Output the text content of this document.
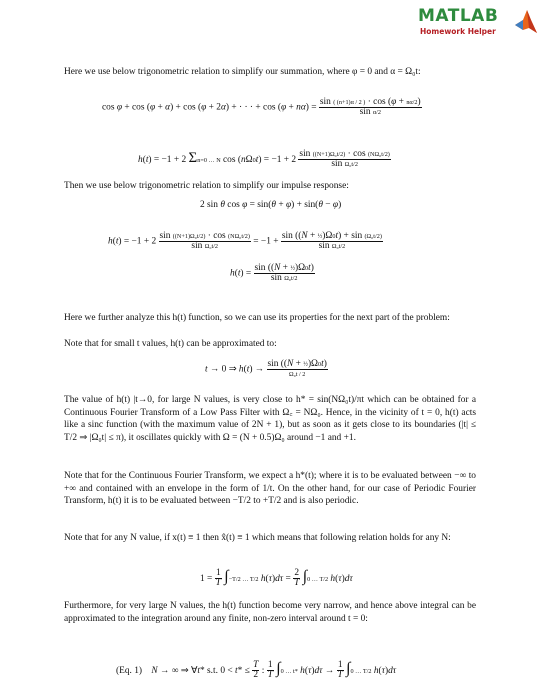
MATLAB
Homework Helper
Here we use below trigonometric relation to simplify our summation, where φ = 0 and α = Ω₀t:
cos φ + cos (φ + α) + cos (φ + 2α) + · · · + $\cos (\varphi + n\alpha) = \frac{\sin ( (n+1)\alpha / 2 ) \cdot \cos (\varphi + n\alpha/2)}{\text{sin α/2}}$
h(t) = −1 + 2 Σn=0 … N $\cos (n\Omega 0t) = -1 + 2 \frac{\text{sin ((N+1)Ω₀t/2) · cos (NΩ₀t/2)}}{\text{sin Ω₀t/2}}$
Then we use below trigonometric relation to simplify our impulse response:
2 sin θ cos φ = sin(θ + φ) + sin(θ − φ)
$h(t) = -1 + 2 \frac{\text{sin ((N+1)Ω₀t/2) · cos (NΩ₀t/2)}}{\text{sin Ω₀t/2}} = -1 + \frac{\text{sin ((N + ½)Ω0t) + sin (Ω₀t/2)}}{\text{sin Ω₀t/2}}$
$h(t) = \frac{\text{sin ((N + ½)Ω0t)}}{\text{sin Ω₀t/2}}$
Here we further analyze this h(t) function, so we can use its properties for the next part of the problem:
Note that for small t values, h(t) can be approximated to:
t → 0 ⇒ $h(t) \to \frac{\text{sin ((N + ½)Ω0t)}}{\text{Ω₀t / 2}}$
The value of h(t) |t→0, for large N values, is very close to h* = sin(NΩ₀t)/πt which can be obtained for a Continuous Fourier Transform of a Low Pass Filter with Ω꜀ = NΩ₀. Hence, in the vicinity of t = 0, h(t) acts like a sinc function (with the maximum value of 2N + 1), but as soon as it gets close to its boundaries (|t| ≤ T/2 ⇒ |Ω₀t| ≤ π), it oscillates quickly with Ω = (N + 0.5)Ω₀ around −1 and +1.
Note that for the Continuous Fourier Transform, we expect a h*(t); where it is to be evaluated between −∞ to +∞ and contained with an envelope in the form of 1/t. On the other hand, for our case of Periodic Fourier Transform, h(t) it is to be evaluated between −T/2 to +T/2 and is also periodic.
Note that for any N value, if x(t) ≡ 1 then x̂(t) ≡ 1 which means that following relation holds for any N:
$1 = \frac{1}{T} \int-T/2$ … T/2 $h(\tau)d\tau = \frac{2}{T} \int 0$ … T/2 h(τ)dτ
Furthermore, for very large N values, the h(t) function become very narrow, and hence above integral can be approximated to the integration around any finite, non-zero interval around t = 0:
(Eq. 1) N → ∞ ⇒ ∀t* s.t. $0 < t* \le \frac{T}{2}$ : $\frac{1}{T} \int 0$ … t* $h(\tau)d\tau \to \frac{1}{T} \int 0$ … T/2 h(τ)dτ
